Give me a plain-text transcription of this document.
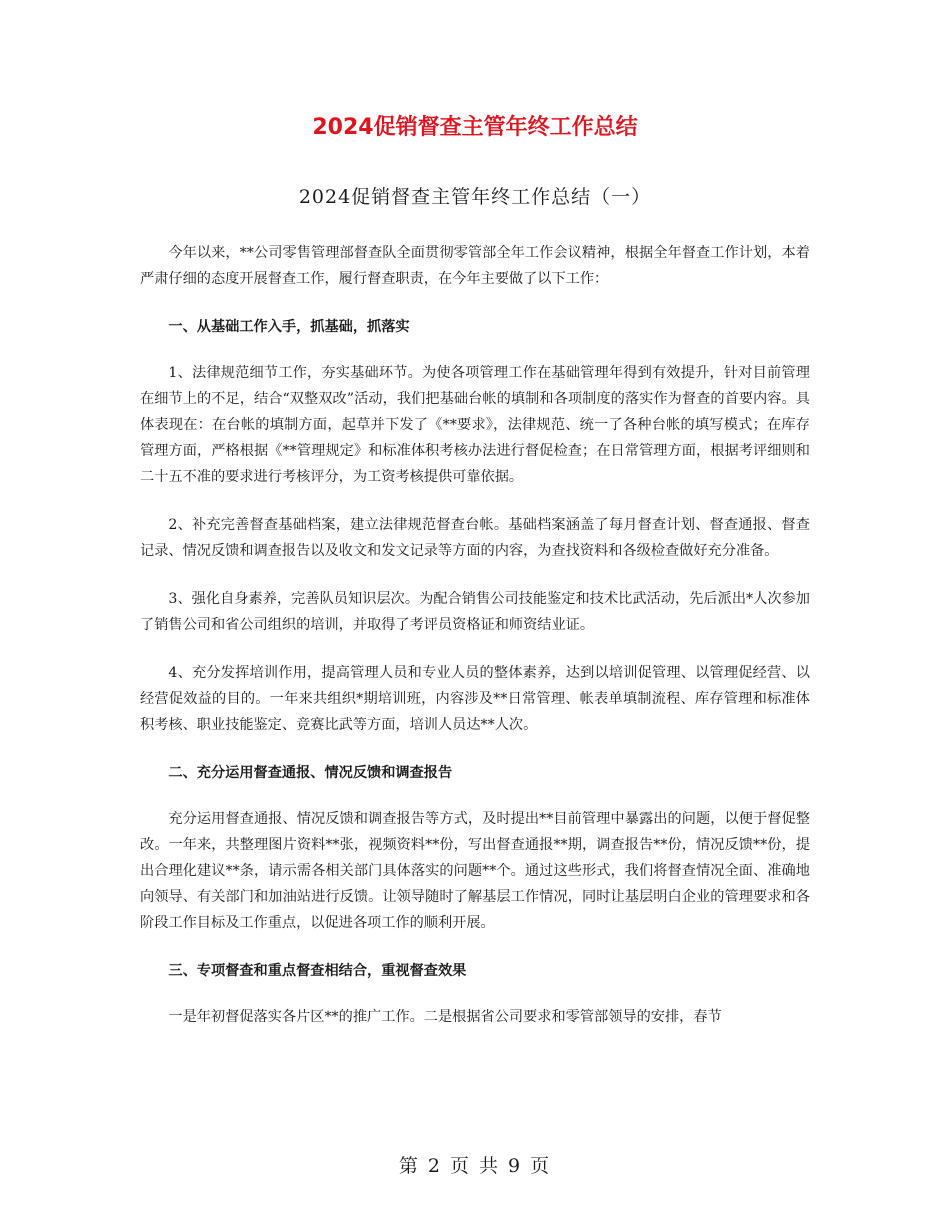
2024促销督查主管年终工作总结
2024促销督查主管年终工作总结（一）

今年以来，**公司零售管理部督查队全面贯彻零管部全年工作会议精神，根据全年督查工作计划，本着严肃仔细的态度开展督查工作，履行督查职责，在今年主要做了以下工作：

一、从基础工作入手，抓基础，抓落实

1、法律规范细节工作，夯实基础环节。为使各项管理工作在基础管理年得到有效提升，针对目前管理在细节上的不足，结合“双整双改”活动，我们把基础台帐的填制和各项制度的落实作为督查的首要内容。具体表现在：在台帐的填制方面，起草并下发了《**要求》，法律规范、统一了各种台帐的填写模式；在库存管理方面，严格根据《**管理规定》和标准体积考核办法进行督促检查；在日常管理方面，根据考评细则和二十五不准的要求进行考核评分，为工资考核提供可靠依据。

2、补充完善督查基础档案，建立法律规范督查台帐。基础档案涵盖了每月督查计划、督查通报、督查记录、情况反馈和调查报告以及收文和发文记录等方面的内容，为查找资料和各级检查做好充分准备。

3、强化自身素养，完善队员知识层次。为配合销售公司技能鉴定和技术比武活动，先后派出*人次参加了销售公司和省公司组织的培训，并取得了考评员资格证和师资结业证。

4、充分发挥培训作用，提高管理人员和专业人员的整体素养，达到以培训促管理、以管理促经营、以经营促效益的目的。一年来共组织*期培训班，内容涉及**日常管理、帐表单填制流程、库存管理和标准体积考核、职业技能鉴定、竞赛比武等方面，培训人员达**人次。

二、充分运用督查通报、情况反馈和调查报告

充分运用督查通报、情况反馈和调查报告等方式，及时提出**目前管理中暴露出的问题，以便于督促整改。一年来，共整理图片资料**张，视频资料**份，写出督查通报**期，调查报告**份，情况反馈**份，提出合理化建议**条，请示需各相关部门具体落实的问题**个。通过这些形式，我们将督查情况全面、准确地向领导、有关部门和加油站进行反馈。让领导随时了解基层工作情况，同时让基层明白企业的管理要求和各阶段工作目标及工作重点，以促进各项工作的顺利开展。

三、专项督查和重点督查相结合，重视督查效果

一是年初督促落实各片区**的推广工作。二是根据省公司要求和零管部领导的安排，春节

第 2 页 共 9 页
